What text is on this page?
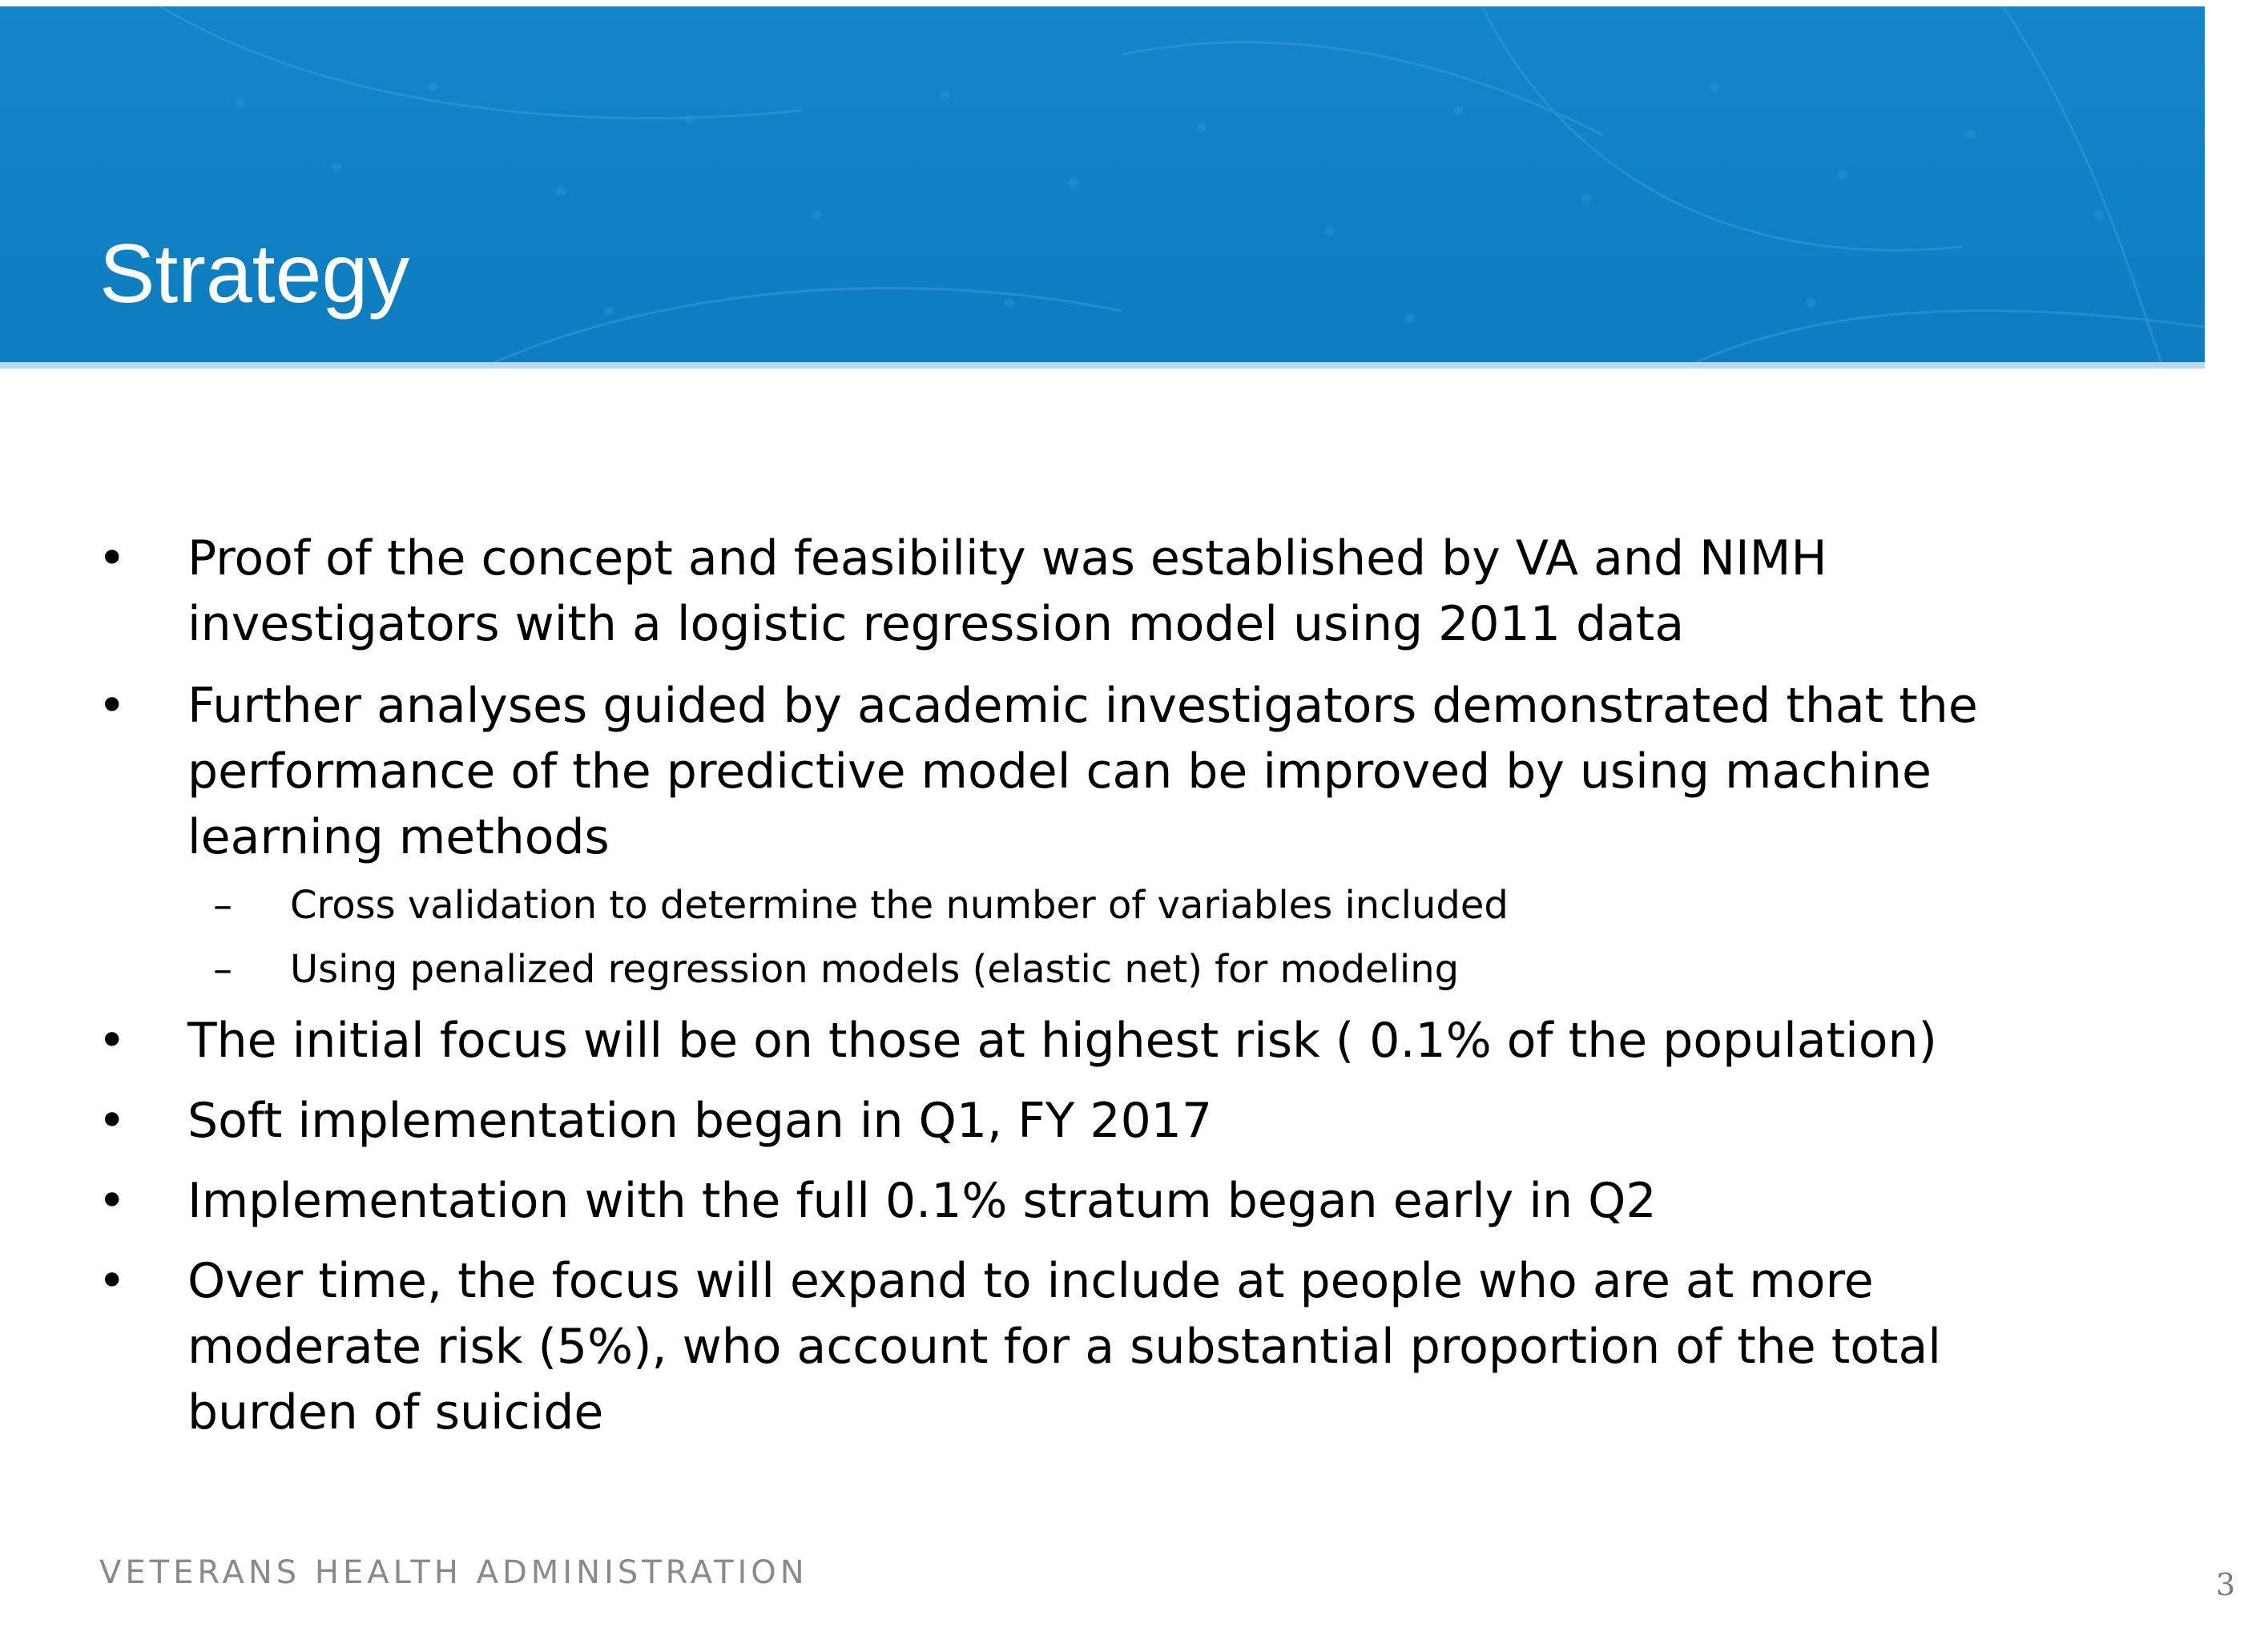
Strategy
• Proof of the concept and feasibility was established by VA and NIMH investigators with a logistic regression model using 2011 data

• Further analyses guided by academic investigators demonstrated that the performance of the predictive model can be improved by using machine learning methods

– Cross validation to determine the number of variables included

– Using penalized regression models (elastic net) for modeling

• The initial focus will be on those at highest risk ( 0.1% of the population)

• Soft implementation began in Q1, FY 2017

• Implementation with the full 0.1% stratum began early in Q2

• Over time, the focus will expand to include at people who are at more moderate risk (5%), who account for a substantial proportion of the total burden of suicide

VETERANS HEALTH ADMINISTRATION	3
